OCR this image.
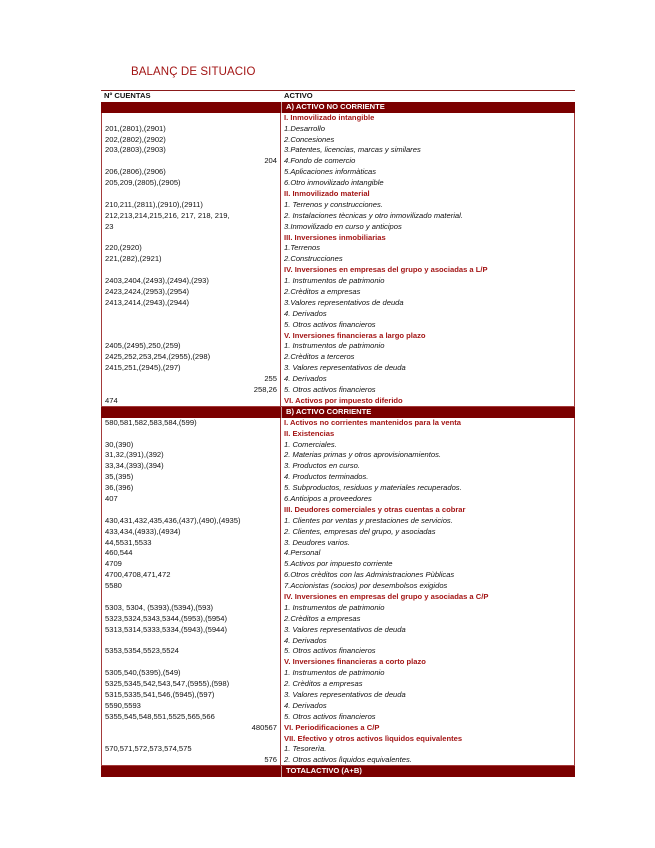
BALANÇ DE SITUACIO
Nº CUENTAS	ACTIVO
A) ACTIVO NO CORRIENTE
I. Inmovilizado intangible
201,(2801),(2901)	1.Desarrollo
202,(2802),(2902)	2.Concesiones
203,(2803),(2903)	3.Patentes, licencias, marcas y similares
204 4.Fondo de comercio
206,(2806),(2906)	5.Aplicaciones informàticas
205,209,(2805),(2905)	6.Otro inmovilizado intangible
II. Inmovilizado material
210,211,(2811),(2910),(2911)	1. Terrenos y construcciones.
212,213,214,215,216, 217, 218, 219,	2. Instalaciones tècnicas y otro inmovilizado material.
23	3.Inmovilizado en curso y anticipos
III. Inversiones inmobiliarias
220,(2920)	1.Terrenos
221,(282),(2921)	2.Construcciones
IV. Inversiones en empresas del grupo y asociadas a L/P
2403,2404,(2493),(2494),(293)	1. Instrumentos de patrimonio
2423,2424,(2953),(2954)	2.Crèditos a empresas
2413,2414,(2943),(2944)	3.Valores representativos de deuda
4. Derivados
5. Otros activos financieros
V. Inversiones financieras a largo plazo
2405,(2495),250,(259)	1. Instrumentos de patrimonio
2425,252,253,254,(2955),(298)	2.Crèditos a terceros
2415,251,(2945),(297)	3. Valores representativos de deuda
255 4. Derivados
258,26 5. Otros activos financieros
474	VI. Activos por impuesto diferido
B) ACTIVO CORRIENTE
580,581,582,583,584,(599)	I. Activos no corrientes mantenidos para la venta
II. Existencias
30,(390)	1. Comerciales.
31,32,(391),(392)	2. Materias primas y otros aprovisionamientos.
33,34,(393),(394)	3. Productos en curso.
35,(395)	4. Productos terminados.
36,(396)	5. Subproductos, residuos y materiales recuperados.
407	6.Anticipos a proveedores
III. Deudores comerciales y otras cuentas a cobrar
430,431,432,435,436,(437),(490),(4935)	1. Clientes por ventas y prestaciones de servicios.
433,434,(4933),(4934)	2. Clientes, empresas del grupo, y asociadas
44,5531,5533	3. Deudores varios.
460,544	4.Personal
4709	5.Activos por impuesto corriente
4700,4708,471,472	6.Otros crèditos con las Administraciones Pùblicas
5580	7.Accionistas (socios) por desembolsos exigidos
IV. Inversiones en empresas del grupo y asociadas a C/P
5303, 5304, (5393),(5394),(593)	1. Instrumentos de patrimonio
5323,5324,5343,5344,(5953),(5954)	2.Crèditos a empresas
5313,5314,5333,5334,(5943),(5944)	3. Valores representativos de deuda
4. Derivados
5353,5354,5523,5524	5. Otros activos financieros
V. Inversiones financieras a corto plazo
5305,540,(5395),(549)	1. Instrumentos de patrimonio
5325,5345,542,543,547,(5955),(598)	2. Crèditos a empresas
5315,5335,541,546,(5945),(597)	3. Valores representativos de deuda
5590,5593	4. Derivados
5355,545,548,551,5525,565,566	5. Otros activos financieros
480567 VI. Periodificaciones a C/P
VII. Efectivo y otros activos lìquidos equivalentes
570,571,572,573,574,575	1. Tesorerìa.
576 2. Otros activos lìquidos equivalentes.
TOTALACTIVO (A+B)
